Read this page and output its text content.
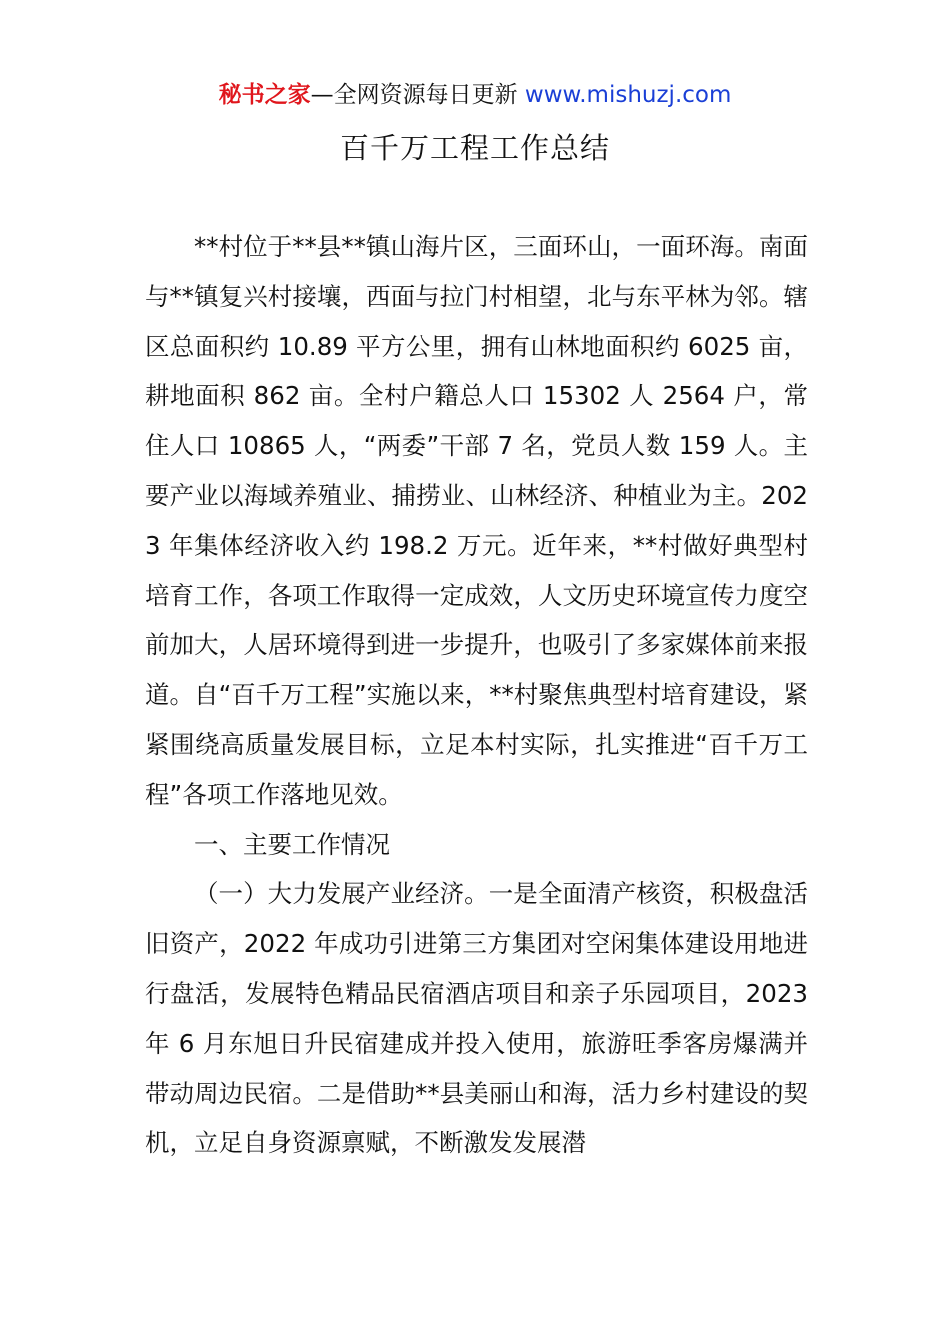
秘书之家—全网资源每日更新 www.mishuzj.com
百千万工程工作总结

**村位于**县**镇山海片区，三面环山，一面环海。南面与**镇复兴村接壤，西面与拉门村相望，北与东平林为邻。辖区总面积约 10.89 平方公里，拥有山林地面积约 6025 亩，耕地面积 862 亩。全村户籍总人口 15302 人 2564 户，常住人口 10865 人，“两委”干部 7 名，党员人数 159 人。主要产业以海域养殖业、捕捞业、山林经济、种植业为主。2023 年集体经济收入约 198.2 万元。近年来，**村做好典型村培育工作，各项工作取得一定成效，人文历史环境宣传力度空前加大，人居环境得到进一步提升，也吸引了多家媒体前来报道。自“百千万工程”实施以来，**村聚焦典型村培育建设，紧紧围绕高质量发展目标，立足本村实际，扎实推进“百千万工程”各项工作落地见效。

一、主要工作情况

（一）大力发展产业经济。一是全面清产核资，积极盘活旧资产，2022 年成功引进第三方集团对空闲集体建设用地进行盘活，发展特色精品民宿酒店项目和亲子乐园项目，2023 年 6 月东旭日升民宿建成并投入使用，旅游旺季客房爆满并带动周边民宿。二是借助**县美丽山和海，活力乡村建设的契机，立足自身资源禀赋，不断激发发展潜
